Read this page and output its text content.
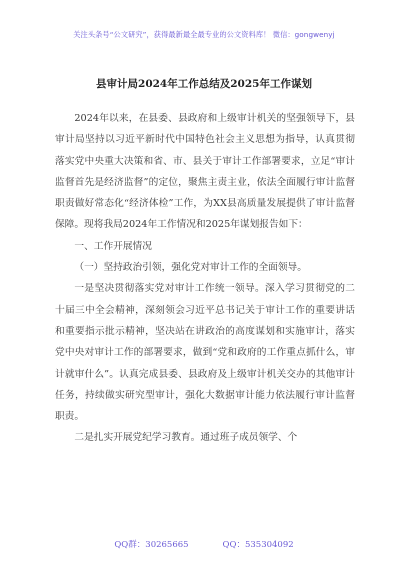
关注头条号“公文研究”，获得最新最全最专业的公文资料库！ 微信：gongwenyj
县审计局2024年工作总结及2025年工作谋划

2024年以来，在县委、县政府和上级审计机关的坚强领导下，县审计局坚持以习近平新时代中国特色社会主义思想为指导，认真贯彻落实党中央重大决策和省、市、县关于审计工作部署要求，立足“审计监督首先是经济监督”的定位，聚焦主责主业，依法全面履行审计监督职责做好常态化“经济体检”工作，为XX县高质量发展提供了审计监督保障。现将我局2024年工作情况和2025年谋划报告如下：

一、工作开展情况

（一）坚持政治引领，强化党对审计工作的全面领导。

一是坚决贯彻落实党对审计工作统一领导。深入学习贯彻党的二十届三中全会精神，深刻领会习近平总书记关于审计工作的重要讲话和重要指示批示精神，坚决站在讲政治的高度谋划和实施审计，落实党中央对审计工作的部署要求，做到“党和政府的工作重点抓什么，审计就审什么”。认真完成县委、县政府及上级审计机关交办的其他审计任务，持续做实研究型审计，强化大数据审计能力依法履行审计监督职责。

二是扎实开展党纪学习教育。通过班子成员领学、个

QQ群：30265665	QQ：535304092
